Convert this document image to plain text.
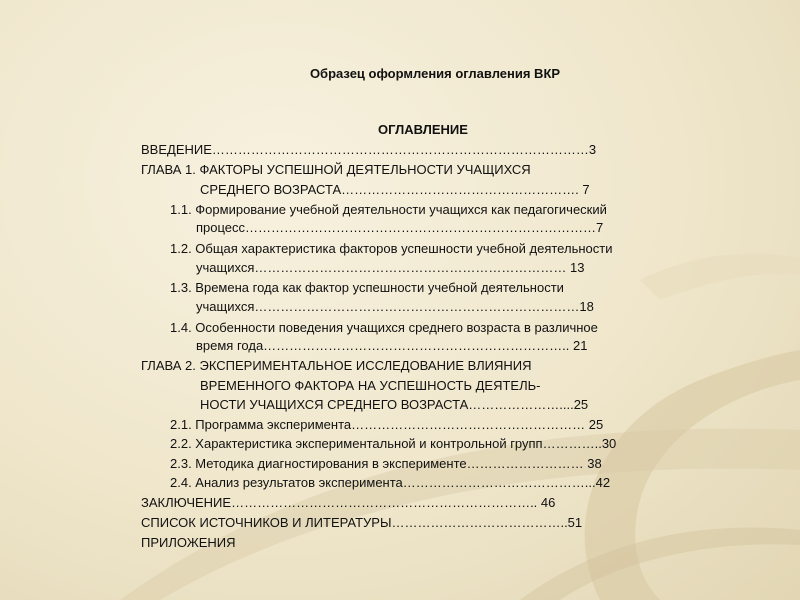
Образец оформления оглавления ВКР
ОГЛАВЛЕНИЕ
ВВЕДЕНИЕ……………………………………………………………………………3
ГЛАВА 1. ФАКТОРЫ УСПЕШНОЙ ДЕЯТЕЛЬНОСТИ УЧАЩИХСЯ
СРЕДНЕГО ВОЗРАСТА………………………………………………. 7
1.1. Формирование учебной деятельности учащихся как педагогический
процесс………………………………………………………………………7
1.2. Общая характеристика факторов успешности учебной деятельности
учащихся……………………………………………………………… 13
1.3. Времена года как фактор успешности учебной деятельности
учащихся…………………………………………………………………18
1.4. Особенности поведения учащихся среднего возраста в различное
время года…………………………………………………………….. 21
ГЛАВА 2. ЭКСПЕРИМЕНТАЛЬНОЕ ИССЛЕДОВАНИЕ ВЛИЯНИЯ
ВРЕМЕННОГО ФАКТОРА НА УСПЕШНОСТЬ ДЕЯТЕЛЬ-
НОСТИ УЧАЩИХСЯ СРЕДНЕГО ВОЗРАСТА…………………....25
2.1. Программа эксперимента……………………………………………… 25
2.2. Характеристика экспериментальной и контрольной групп…………..30
2.3. Методика диагностирования в эксперименте……………………… 38
2.4. Анализ результатов эксперимента……………………………………...42
ЗАКЛЮЧЕНИЕ…………………………………………………………….. 46
СПИСОК ИСТОЧНИКОВ И ЛИТЕРАТУРЫ…………………………………..51
ПРИЛОЖЕНИЯ
